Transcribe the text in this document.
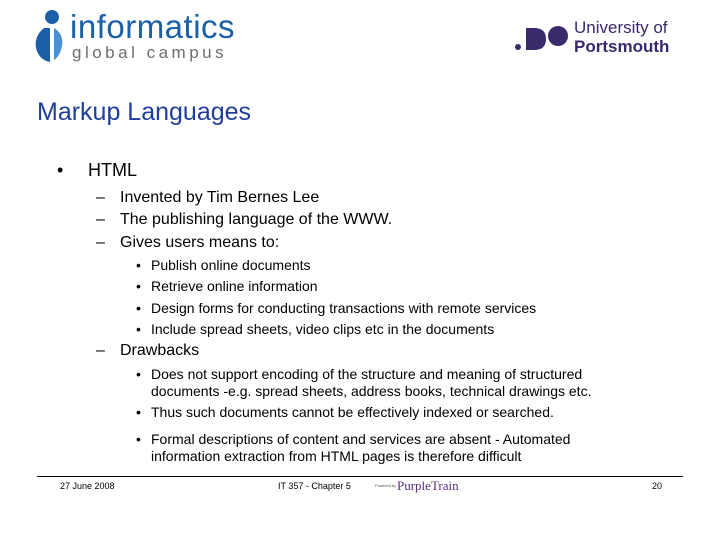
informatics
global campus
University of
Portsmouth
Markup Languages
• HTML
– Invented by Tim Bernes Lee
– The publishing language of the WWW.
– Gives users means to:
• Publish online documents
• Retrieve online information
• Design forms for conducting transactions with remote services
• Include spread sheets, video clips etc in the documents
– Drawbacks
• Does not support encoding of the structure and meaning of structured
documents -e.g. spread sheets, address books, technical drawings etc.
• Thus such documents cannot be effectively indexed or searched.
• Formal descriptions of content and services are absent - Automated
information extraction from HTML pages is therefore difficult
27 June 2008	IT 357 - Chapter 5	Powered by PurpleTrain	20
